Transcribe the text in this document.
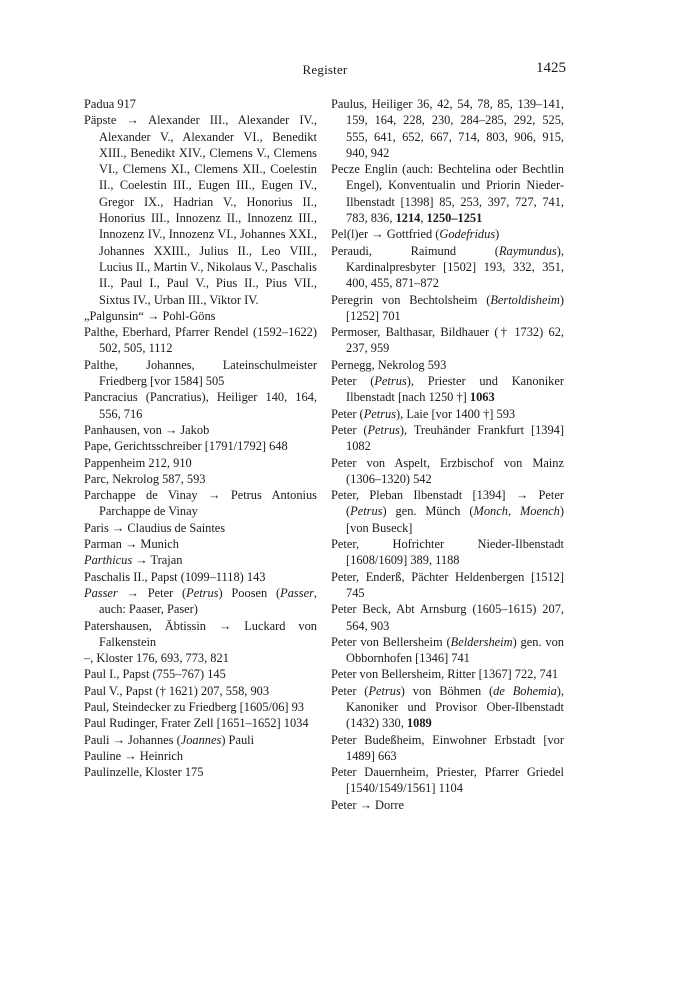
Register	1425
Padua 917
Päpste → Alexander III., Alexander IV., Alexander V., Alexander VI., Benedikt XIII., Benedikt XIV., Clemens V., Clemens VI., Clemens XI., Clemens XII., Coelestin II., Coelestin III., Eugen III., Eugen IV., Gregor IX., Hadrian V., Honorius II., Honorius III., Innozenz II., Innozenz III., Innozenz IV., Innozenz VI., Johannes XXI., Johannes XXIII., Julius II., Leo VIII., Lucius II., Martin V., Nikolaus V., Paschalis II., Paul I., Paul V., Pius II., Pius VII., Sixtus IV., Urban III., Viktor IV.
„Palgunsin“ → Pohl-Göns
Palthe, Eberhard, Pfarrer Rendel (1592–1622) 502, 505, 1112
Palthe, Johannes, Lateinschulmeister Friedberg [vor 1584] 505
Pancracius (Pancratius), Heiliger 140, 164, 556, 716
Panhausen, von → Jakob
Pape, Gerichtsschreiber [1791/1792] 648
Pappenheim 212, 910
Parc, Nekrolog 587, 593
Parchappe de Vinay → Petrus Antonius Parchappe de Vinay
Paris → Claudius de Saintes
Parman → Munich
Parthicus → Trajan
Paschalis II., Papst (1099–1118) 143
Passer → Peter (Petrus) Poosen (Passer, auch: Paaser, Paser)
Patershausen, Äbtissin → Luckard von Falkenstein
–, Kloster 176, 693, 773, 821
Paul I., Papst (755–767) 145
Paul V., Papst († 1621) 207, 558, 903
Paul, Steindecker zu Friedberg [1605/06] 93
Paul Rudinger, Frater Zell [1651–1652] 1034
Pauli → Johannes (Joannes) Pauli
Pauline → Heinrich
Paulinzelle, Kloster 175
Paulus, Heiliger 36, 42, 54, 78, 85, 139–141, 159, 164, 228, 230, 284–285, 292, 525, 555, 641, 652, 667, 714, 803, 906, 915, 940, 942
Pecze Englin (auch: Bechtelina oder Bechtlin Engel), Konventualin und Priorin Nieder-Ilbenstadt [1398] 85, 253, 397, 727, 741, 783, 836, 1214, 1250–1251
Pel(l)er → Gottfried (Godefridus)
Peraudi, Raimund (Raymundus), Kardinalpresbyter [1502] 193, 332, 351, 400, 455, 871–872
Peregrin von Bechtolsheim (Bertoldisheim) [1252] 701
Permoser, Balthasar, Bildhauer († 1732) 62, 237, 959
Pernegg, Nekrolog 593
Peter (Petrus), Priester und Kanoniker Ilbenstadt [nach 1250 †] 1063
Peter (Petrus), Laie [vor 1400 †] 593
Peter (Petrus), Treuhänder Frankfurt [1394] 1082
Peter von Aspelt, Erzbischof von Mainz (1306–1320) 542
Peter, Pleban Ilbenstadt [1394] → Peter (Petrus) gen. Münch (Monch, Moench) [von Buseck]
Peter, Hofrichter Nieder-Ilbenstadt [1608/1609] 389, 1188
Peter, Enderß, Pächter Heldenbergen [1512] 745
Peter Beck, Abt Arnsburg (1605–1615) 207, 564, 903
Peter von Bellersheim (Beldersheim) gen. von Obbornhofen [1346] 741
Peter von Bellersheim, Ritter [1367] 722, 741
Peter (Petrus) von Böhmen (de Bohemia), Kanoniker und Provisor Ober-Ilbenstadt (1432) 330, 1089
Peter Budeßheim, Einwohner Erbstadt [vor 1489] 663
Peter Dauernheim, Priester, Pfarrer Griedel [1540/1549/1561] 1104
Peter → Dorre
